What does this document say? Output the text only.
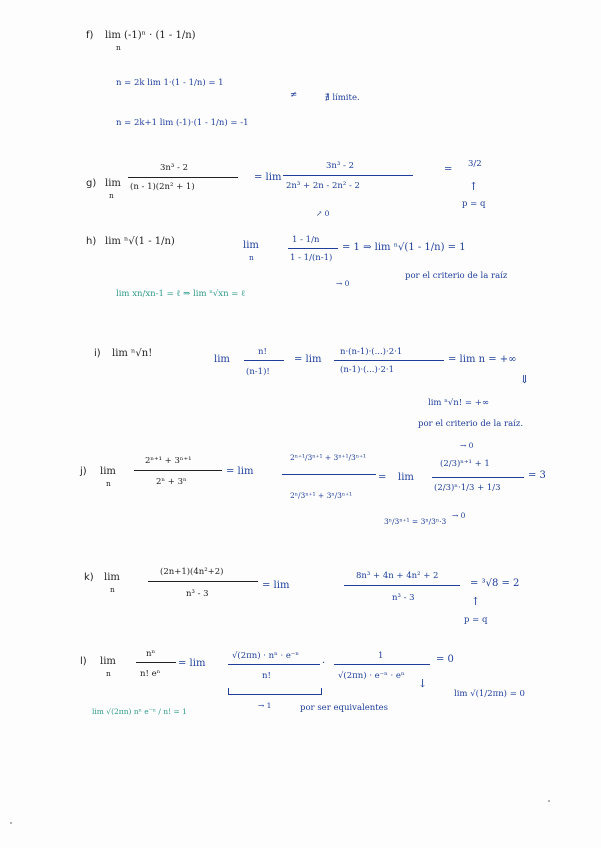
f) lim (-1)ⁿ · (1 - 1/n)
n
n = 2k lim 1·(1 - 1/n) = 1
≠	∄ límite.
n = 2k+1 lim (-1)·(1 - 1/n) = -1
g) lim
n
3n³ - 2
(n - 1)(2n² + 1)
= lim
3n³ - 2
2n³ + 2n - 2n² - 2
= 3/2
↑
p = q
h) lim ⁿ√(1 - 1/n)	lim
n
↗ 0
1 - 1/n
1 - 1/(n-1)
= 1 ⇒ lim ⁿ√(1 - 1/n) = 1
→ 0
por el criterio de la raíz
lim xn/xn-1 = ℓ ⇒ lim ⁿ√xn = ℓ
i) lim ⁿ√n!
lim
n!
(n-1)!
= lim
n·(n-1)·(...)·2·1
(n-1)·(...)·2·1
= lim n = +∞
⇓
lim ⁿ√n! = +∞
por el criterio de la raíz.
j) lim
n
2ⁿ⁺¹ + 3ⁿ⁺¹
2ⁿ + 3ⁿ
= lim
2ⁿ⁺¹/3ⁿ⁺¹ + 3ⁿ⁺¹/3ⁿ⁺¹
2ⁿ/3ⁿ⁺¹ + 3ⁿ/3ⁿ⁺¹
= lim
→ 0
(2/3)ⁿ⁺¹ + 1
(2/3)ⁿ·1/3 + 1/3
= 3
→ 0
3ⁿ/3ⁿ⁺¹ = 3ⁿ/3ⁿ·3
k) lim
n
(2n+1)(4n²+2)
n³ - 3
= lim
8n³ + 4n + 4n² + 2
n³ - 3
= ³√8 = 2
↑
p = q
l) lim
n
nⁿ
n! eⁿ
= lim
√(2πn) · nⁿ · e⁻ⁿ
n!
·
1
√(2πn) · e⁻ⁿ · eⁿ
= 0
↓
→ 1	por ser equivalentes
lim √(1/2πn) = 0
lim √(2πn) nⁿ e⁻ⁿ / n! = 1
